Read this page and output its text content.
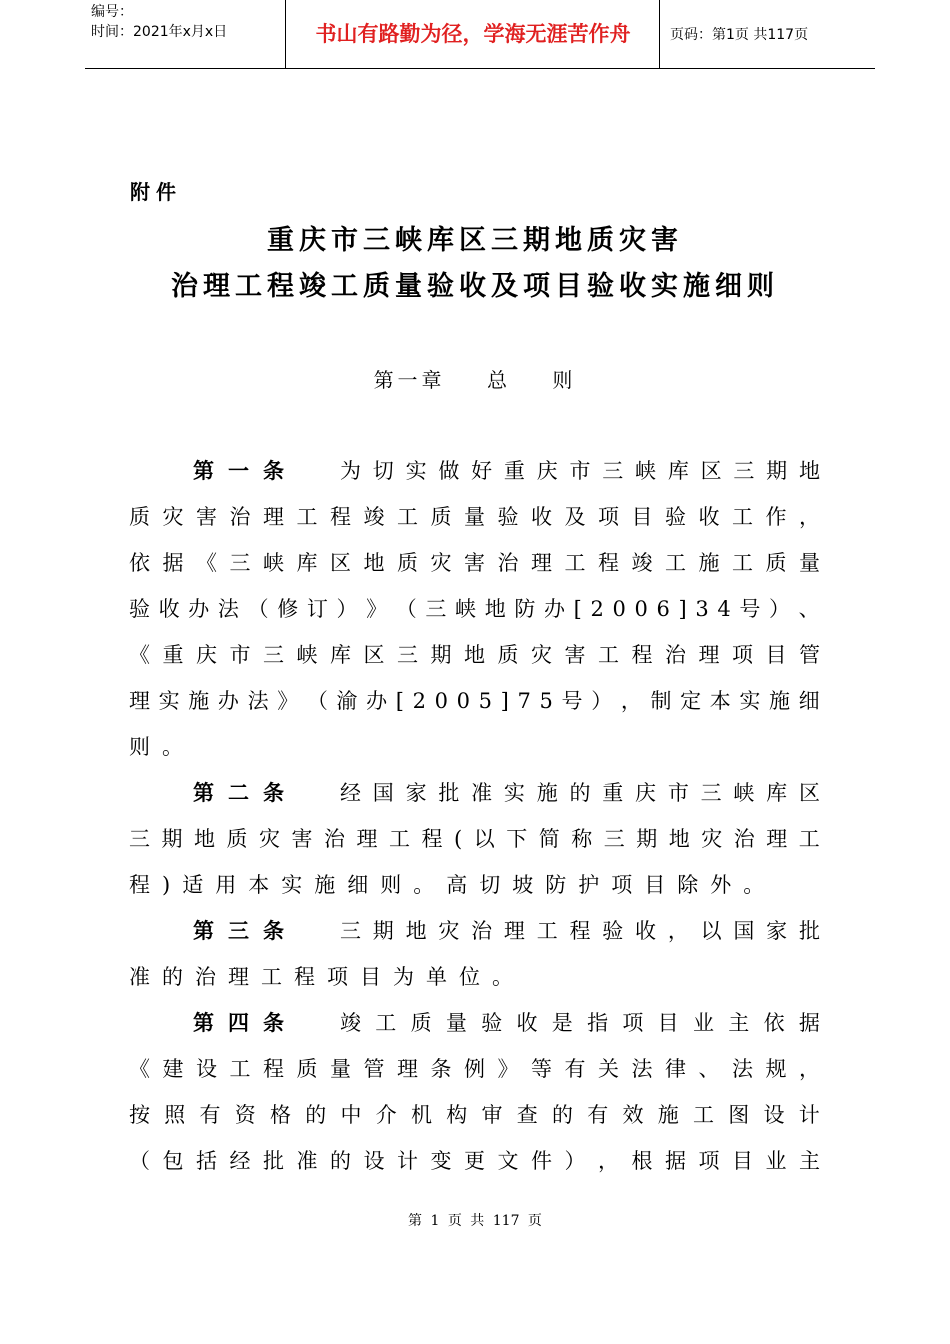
编号：
时间：2021年x月x日	书山有路勤为径，学海无涯苦作舟	页码：第1页 共117页
附件
重庆市三峡库区三期地质灾害
治理工程竣工质量验收及项目验收实施细则
第一章    总    则
第一条 为 切 实 做 好 重 庆 市 三 峡 库 区 三 期 地
质 灾 害 治 理 工 程 竣 工 质 量 验 收 及 项 目 验 收 工 作 ，
依 据 《 三 峡 库 区 地 质 灾 害 治 理 工 程 竣 工 施 工 质 量
验 收 办 法 （ 修 订 ） 》 （ 三 峡 地 防 办 [ 2 0 0 6 ] 3 4 号 ） 、
《 重 庆 市 三 峡 库 区 三 期 地 质 灾 害 工 程 治 理 项 目 管
理 实 施 办 法 》 （ 渝 办 [ 2 0 0 5 ] 7 5 号 ） ， 制 定 本 实 施 细
则。
第二条 经 国 家 批 准 实 施 的 重 庆 市 三 峡 库 区
三 期 地 质 灾 害 治 理 工 程 ( 以 下 简 称 三 期 地 灾 治 理 工
程)适用本实施细则。高切坡防护项目除外。
第三条 三 期 地 灾 治 理 工 程 验 收 ， 以 国 家 批
准的治理工程项目为单位。
第四条 竣 工 质 量 验 收 是 指 项 目 业 主 依 据
《 建 设 工 程 质 量 管 理 条 例 》 等 有 关 法 律 、 法 规 ，
按 照 有 资 格 的 中 介 机 构 审 查 的 有 效 施 工 图 设 计
（ 包 括 经 批 准 的 设 计 变 更 文 件 ） ， 根 据 项 目 业 主
第 1 页 共 117 页
